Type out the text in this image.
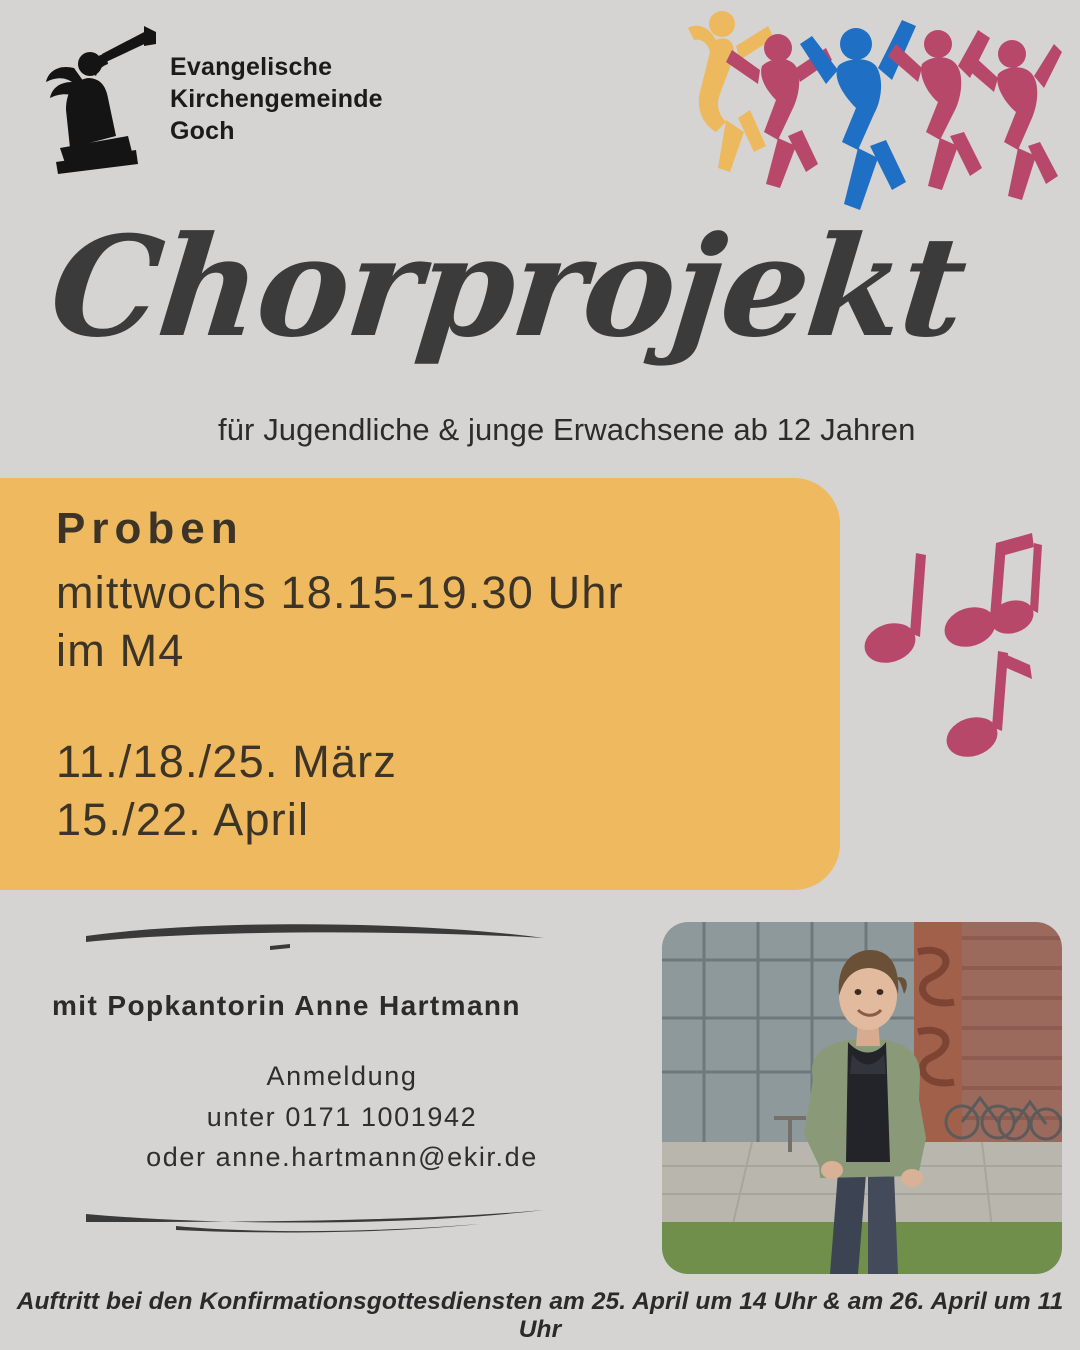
Evangelische
Kirchengemeinde
Goch
Chorprojekt
für Jugendliche & junge Erwachsene ab 12 Jahren
Proben
mittwochs 18.15-19.30 Uhr
im M4
11./18./25. März
15./22. April
mit Popkantorin Anne Hartmann
Anmeldung
unter 0171 1001942
oder anne.hartmann@ekir.de
Auftritt bei den Konfirmationsgottesdiensten am 25. April um 14 Uhr & am 26. April um 11 Uhr
